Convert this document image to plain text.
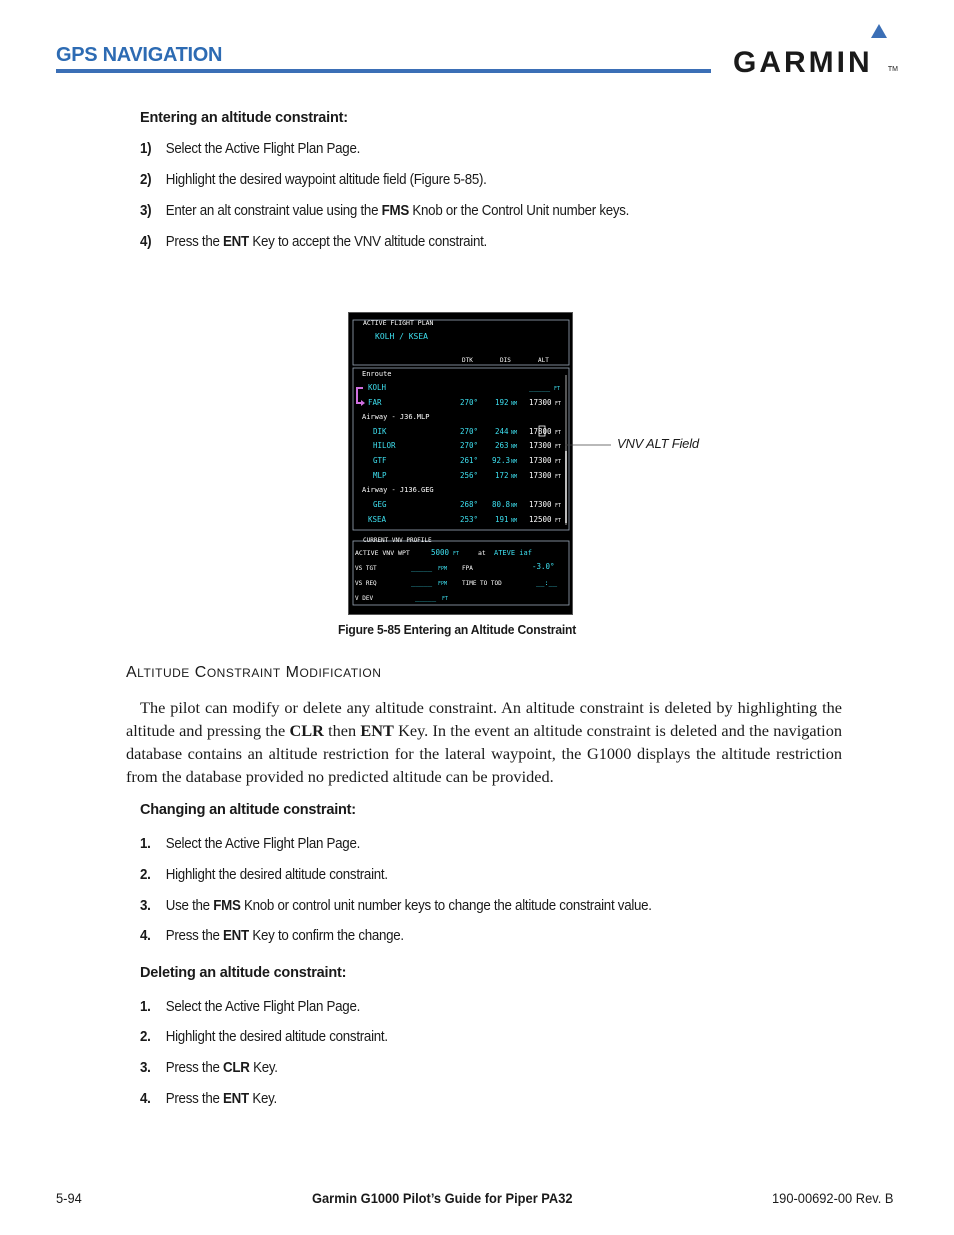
GPS NAVIGATION	GARMIN TM
Entering an altitude constraint:
1) Select the Active Flight Plan Page.
2) Highlight the desired waypoint altitude field (Figure 5-85).
3) Enter an alt constraint value using the FMS Knob or the Control Unit number keys.
4) Press the ENT Key to accept the VNV altitude constraint.
ACTIVE FLIGHT PLAN
KOLH / KSEA
DTK	DIS	ALT
Enroute
KOLH	_____ FT
FAR	270° 192 NM 17300 FT
Airway - J36.MLP
DIK	270° 244 NM 17800 FT
HILOR	270° 263 NM 17300 FT
GTF	261° 92.3 NM 17300 FT
MLP	256° 172 NM 17300 FT
Airway - J136.GEG
GEG	268° 80.8 NM 17300 FT
KSEA	253° 191 NM 12500 FT
CURRENT VNV PROFILE
ACTIVE VNV WPT	5000 FT	at ATEVE iaf
VS TGT	_____ FPM FPA	-3.0°
VS REQ	_____ FPM TIME TO TOD	__:__
V DEV	_____ FT
VNV ALT Field
Figure 5-85 Entering an Altitude Constraint
ALTITUDE CONSTRAINT MODIFICATION

The pilot can modify or delete any altitude constraint. An altitude constraint is deleted by highlighting the altitude and pressing the CLR then ENT Key. In the event an altitude constraint is deleted and the navigation database contains an altitude restriction for the lateral waypoint, the G1000 displays the altitude restriction from the database provided no predicted altitude can be provided.

Changing an altitude constraint:
1. Select the Active Flight Plan Page.
2. Highlight the desired altitude constraint.
3. Use the FMS Knob or control unit number keys to change the altitude constraint value.
4. Press the ENT Key to confirm the change.
Deleting an altitude constraint:
1. Select the Active Flight Plan Page.
2. Highlight the desired altitude constraint.
3. Press the CLR Key.
4. Press the ENT Key.
5-94	Garmin G1000 Pilot’s Guide for Piper PA32	190-00692-00 Rev. B
